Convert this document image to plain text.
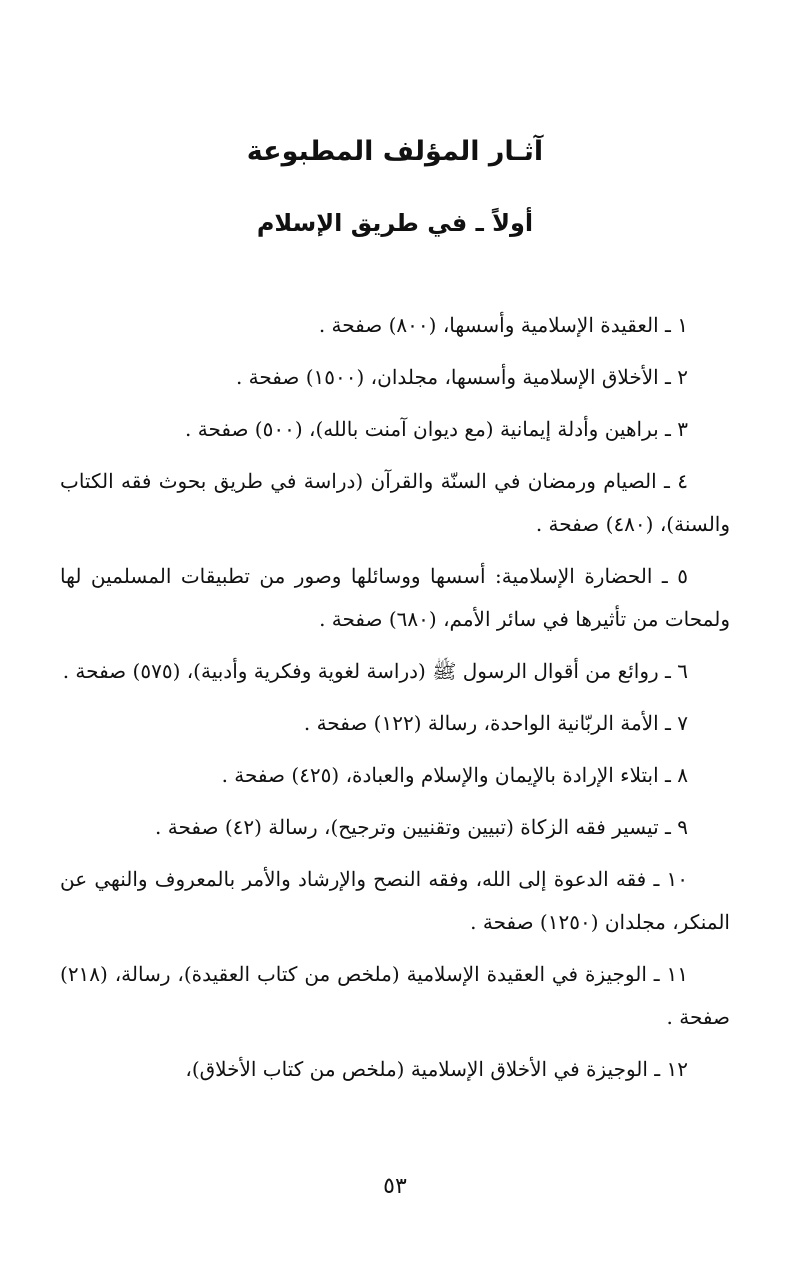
آثـار المؤلف المطبوعة
أولاً ـ في طريق الإسلام
١ ـ العقيدة الإسلامية وأسسها، (٨٠٠) صفحة .
٢ ـ الأخلاق الإسلامية وأسسها، مجلدان، (١٥٠٠) صفحة .
٣ ـ براهين وأدلة إيمانية (مع ديوان آمنت بالله)، (٥٠٠) صفحة .
٤ ـ الصيام ورمضان في السنّة والقرآن (دراسة في طريق بحوث فقه الكتاب والسنة)، (٤٨٠) صفحة .
٥ ـ الحضارة الإسلامية: أسسها ووسائلها وصور من تطبيقات المسلمين لها ولمحات من تأثيرها في سائر الأمم، (٦٨٠) صفحة .
٦ ـ روائع من أقوال الرسول ﷺ (دراسة لغوية وفكرية وأدبية)، (٥٧٥) صفحة .
٧ ـ الأمة الربّانية الواحدة، رسالة (١٢٢) صفحة .
٨ ـ ابتلاء الإرادة بالإيمان والإسلام والعبادة، (٤٢٥) صفحة .
٩ ـ تيسير فقه الزكاة (تبيين وتقنيين وترجيح)، رسالة (٤٢) صفحة .
١٠ ـ فقه الدعوة إلى الله، وفقه النصح والإرشاد والأمر بالمعروف والنهي عن المنكر، مجلدان (١٢٥٠) صفحة .
١١ ـ الوجيزة في العقيدة الإسلامية (ملخص من كتاب العقيدة)، رسالة، (٢١٨) صفحة .
١٢ ـ الوجيزة في الأخلاق الإسلامية (ملخص من كتاب الأخلاق)،
٥٣
